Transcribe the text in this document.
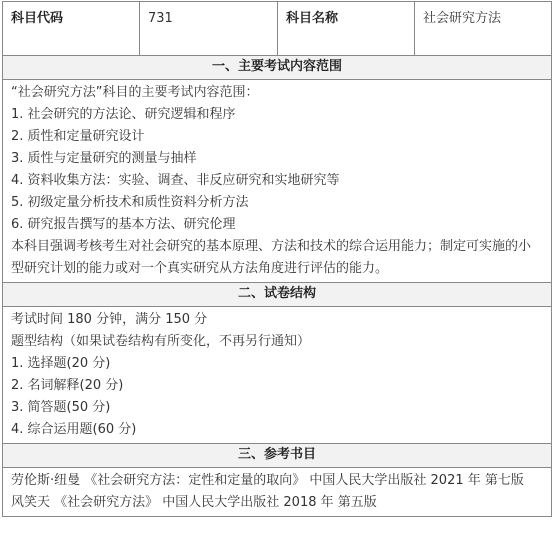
科目代码	731	科目名称	社会研究方法
一、主要考试内容范围

“社会研究方法”科目的主要考试内容范围：
1. 社会研究的方法论、研究逻辑和程序
2. 质性和定量研究设计
3. 质性与定量研究的测量与抽样
4. 资料收集方法：实验、调查、非反应研究和实地研究等
5. 初级定量分析技术和质性资料分析方法
6. 研究报告撰写的基本方法、研究伦理
本科目强调考核考生对社会研究的基本原理、方法和技术的综合运用能力；制定可实施的小型研究计划的能力或对一个真实研究从方法角度进行评估的能力。

二、试卷结构

考试时间 180 分钟，满分 150 分
题型结构（如果试卷结构有所变化，不再另行通知）
1. 选择题(20 分)
2. 名词解释(20 分)
3. 简答题(50 分)
4. 综合运用题(60 分)

三、参考书目

劳伦斯·纽曼 《社会研究方法：定性和定量的取向》 中国人民大学出版社 2021 年 第七版
风笑天 《社会研究方法》 中国人民大学出版社 2018 年 第五版
